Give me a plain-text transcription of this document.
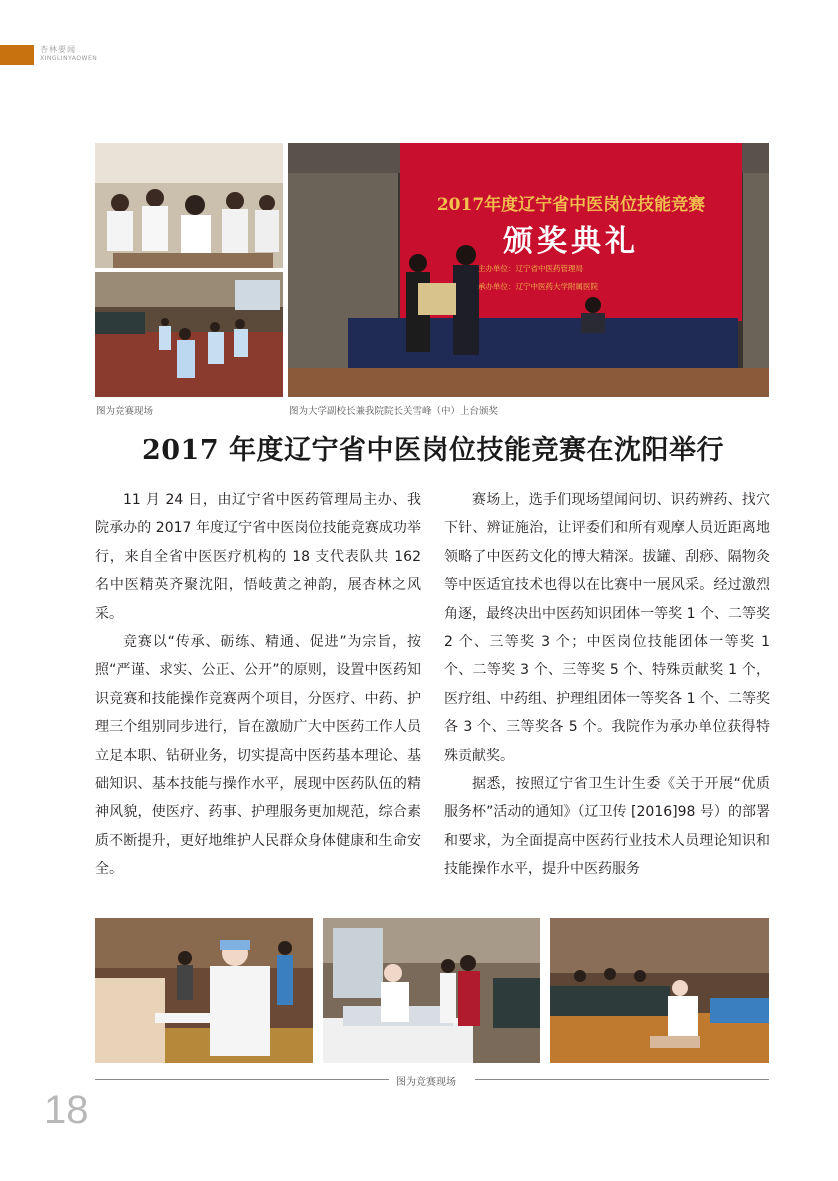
杏林要闻
XINGLINYAOWEN
2017年度辽宁省中医岗位技能竞赛
颁奖典礼
主办单位：辽宁省中医药管理局
承办单位：辽宁中医药大学附属医院
图为竞赛现场	图为大学副校长兼我院院长关雪峰（中）上台颁奖
2017 年度辽宁省中医岗位技能竞赛在沈阳举行

11 月 24 日，由辽宁省中医药管理局主办、我院承办的 2017 年度辽宁省中医岗位技能竞赛成功举行，来自全省中医医疗机构的 18 支代表队共 162 名中医精英齐聚沈阳，悟岐黄之神韵，展杏林之风采。

竞赛以“传承、砺练、精通、促进”为宗旨，按照“严谨、求实、公正、公开”的原则，设置中医药知识竞赛和技能操作竞赛两个项目，分医疗、中药、护理三个组别同步进行，旨在激励广大中医药工作人员立足本职、钻研业务，切实提高中医药基本理论、基础知识、基本技能与操作水平，展现中医药队伍的精神风貌，使医疗、药事、护理服务更加规范，综合素质不断提升，更好地维护人民群众身体健康和生命安全。

赛场上，选手们现场望闻问切、识药辨药、找穴下针、辨证施治，让评委们和所有观摩人员近距离地领略了中医药文化的博大精深。拔罐、刮痧、隔物灸等中医适宜技术也得以在比赛中一展风采。经过激烈角逐，最终决出中医药知识团体一等奖 1 个、二等奖 2 个、三等奖 3 个；中医岗位技能团体一等奖 1 个、二等奖 3 个、三等奖 5 个、特殊贡献奖 1 个，医疗组、中药组、护理组团体一等奖各 1 个、二等奖各 3 个、三等奖各 5 个。我院作为承办单位获得特殊贡献奖。

据悉，按照辽宁省卫生计生委《关于开展“优质服务杯”活动的通知》（辽卫传 [2016]98 号）的部署和要求，为全面提高中医药行业技术人员理论知识和技能操作水平，提升中医药服务

图为竞赛现场
18
